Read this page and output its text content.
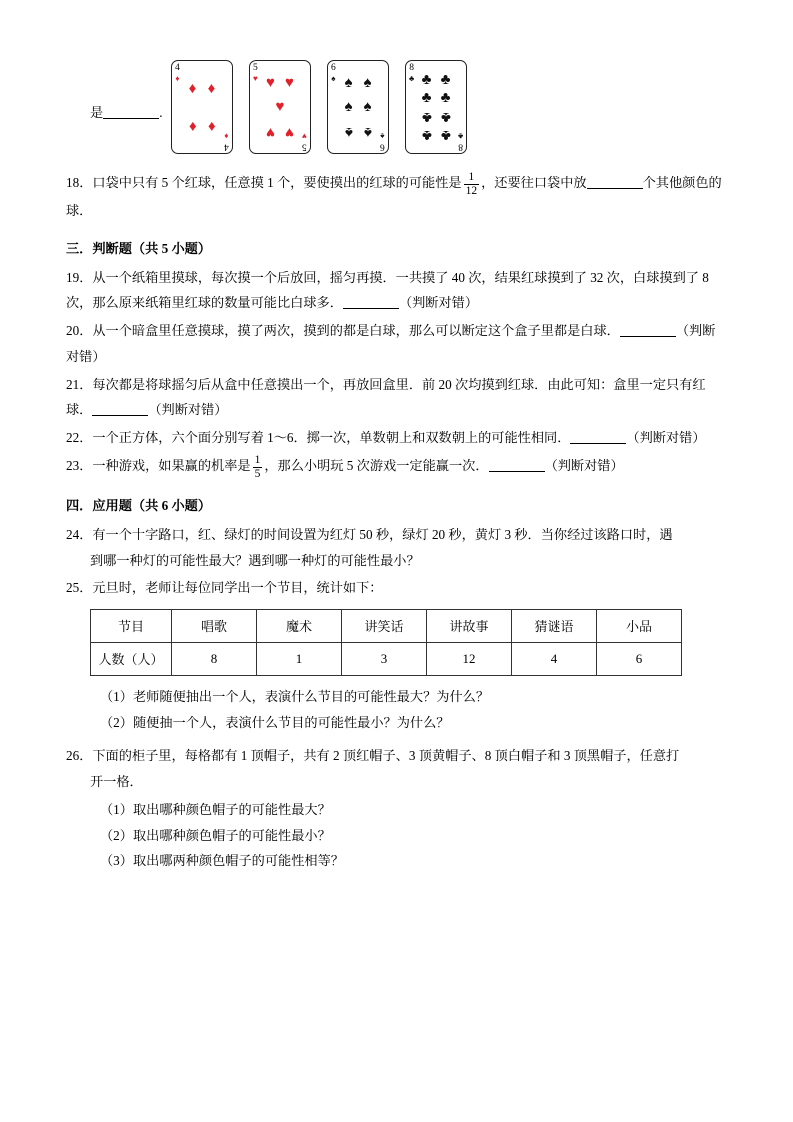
是	.
4
♦
4
♦
♦ ♦
♦ ♦
5
♥
5
♥
♥ ♥
♥
♥ ♥
6
♠
6
♠
♠ ♠
♠ ♠
♠ ♠
8
♣
8
♣
♣ ♣
♣ ♣
♣ ♣
♣ ♣
18．口袋中只有 5 个红球，任意摸 1 个，要使摸出的红球的可能性是 $\frac{1}{12}$ ，还要往口袋中放	个其他颜色的球．
三．判断题（共 5 小题）
19．从一个纸箱里摸球，每次摸一个后放回，摇匀再摸．一共摸了 40 次，结果红球摸到了 32 次，白球摸到了 8 次，那么原来纸箱里红球的数量可能比白球多．	（判断对错）
20．从一个暗盒里任意摸球，摸了两次，摸到的都是白球，那么可以断定这个盒子里都是白球．	（判断对错）
21．每次都是将球摇匀后从盒中任意摸出一个，再放回盒里．前 20 次均摸到红球．由此可知：盒里一定只有红球．	（判断对错）
22．一个正方体，六个面分别写着 1～6．掷一次，单数朝上和双数朝上的可能性相同．	（判断对错）
23．一种游戏，如果赢的机率是 $\frac{1}{5}$ ，那么小明玩 5 次游戏一定能赢一次．	（判断对错）
四．应用题（共 6 小题）
24．有一个十字路口，红、绿灯的时间设置为红灯 50 秒，绿灯 20 秒，黄灯 3 秒．当你经过该路口时，遇
到哪一种灯的可能性最大？遇到哪一种灯的可能性最小？
25．元旦时，老师让每位同学出一个节目，统计如下：
节目	唱歌	魔术	讲笑话	讲故事	猜谜语	小品
人数（人）	8	1	3	12	4	6
（1）老师随便抽出一个人，表演什么节目的可能性最大？为什么？
（2）随便抽一个人，表演什么节目的可能性最小？为什么？
26．下面的柜子里，每格都有 1 顶帽子，共有 2 顶红帽子、3 顶黄帽子、8 顶白帽子和 3 顶黑帽子，任意打
开一格．
（1）取出哪种颜色帽子的可能性最大？
（2）取出哪种颜色帽子的可能性最小？
（3）取出哪两种颜色帽子的可能性相等？
